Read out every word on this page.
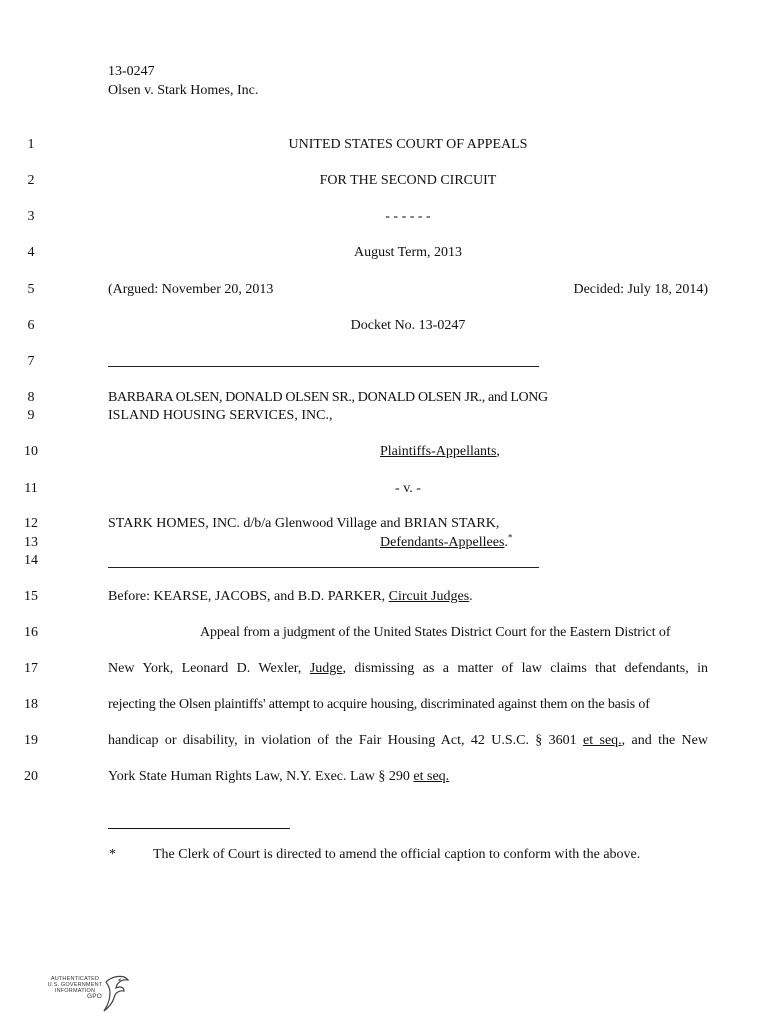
13-0247
Olsen v. Stark Homes, Inc.
1
2
3
4
5
6
7
8
9
10
11
12
13
14
15
16
17
18
19
20
UNITED STATES COURT OF APPEALS
FOR THE SECOND CIRCUIT
- - - - - -
August Term, 2013
(Argued: November 20, 2013	Decided: July 18, 2014)
Docket No. 13-0247
BARBARA OLSEN, DONALD OLSEN SR., DONALD OLSEN JR., and LONG
ISLAND HOUSING SERVICES, INC.,
Plaintiffs-Appellants,
- v. -
STARK HOMES, INC. d/b/a Glenwood Village and BRIAN STARK,
Defendants-Appellees.*
Before: KEARSE, JACOBS, and B.D. PARKER, Circuit Judges.
Appeal from a judgment of the United States District Court for the Eastern District of
New York, Leonard D. Wexler, Judge, dismissing as a matter of law claims that defendants, in
rejecting the Olsen plaintiffs' attempt to acquire housing, discriminated against them on the basis of
handicap or disability, in violation of the Fair Housing Act, 42 U.S.C. § 3601 et seq., and the New
York State Human Rights Law, N.Y. Exec. Law § 290 et seq.
*	The Clerk of Court is directed to amend the official caption to conform with the above.
AUTHENTICATED
U.S. GOVERNMENT
INFORMATION
GPO
